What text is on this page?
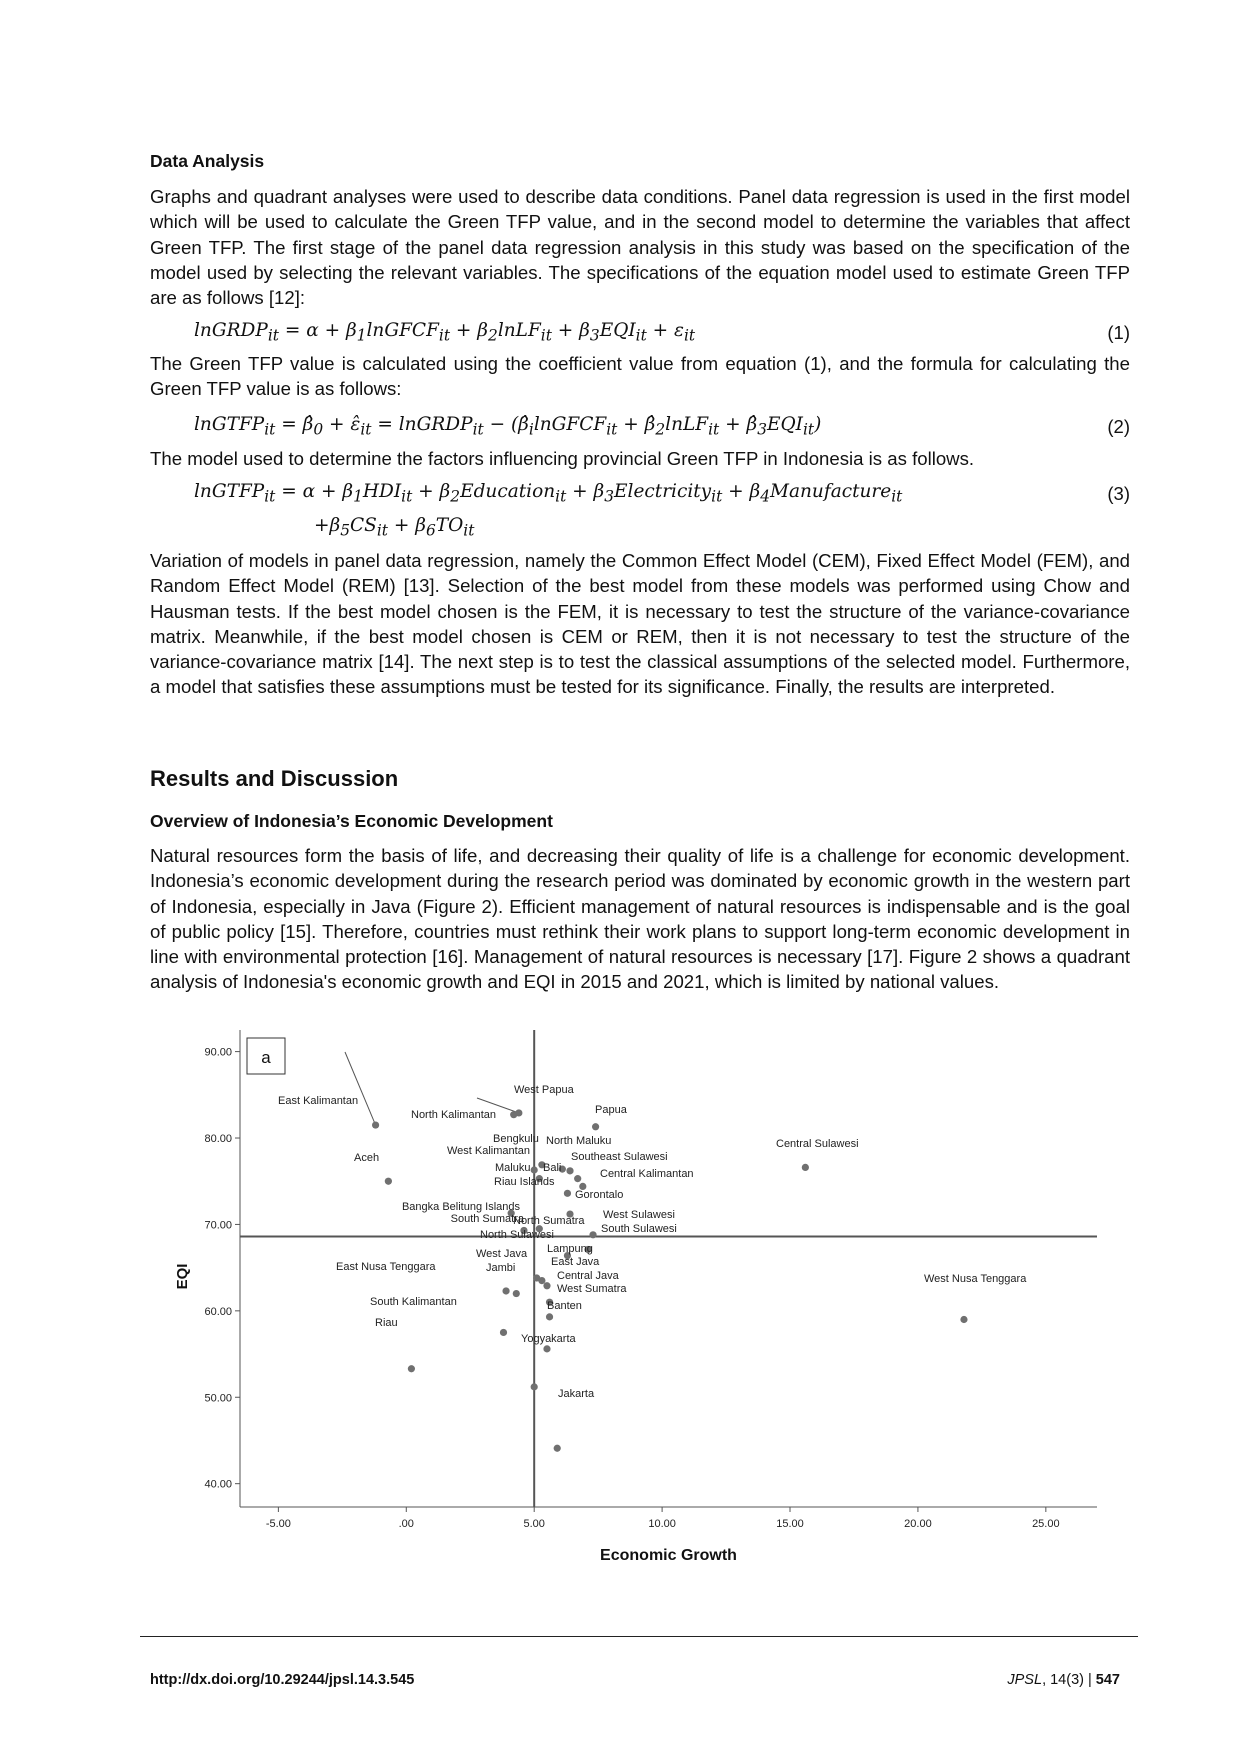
Data Analysis
Graphs and quadrant analyses were used to describe data conditions. Panel data regression is used in the first model which will be used to calculate the Green TFP value, and in the second model to determine the variables that affect Green TFP. The first stage of the panel data regression analysis in this study was based on the specification of the model used by selecting the relevant variables. The specifications of the equation model used to estimate Green TFP are as follows [12]:
lnGRDP$_{it}$ = $\alpha + \beta_1lnGFCF_{it}$ + $\beta_2lnLF_{it} + \beta_3EQI_{it} + \varepsilon_{it}$	(1)
The Green TFP value is calculated using the coefficient value from equation (1), and the formula for calculating the Green TFP value is as follows:
lnGTFP$_{it}$ = $\betâ_0$ + $\varepsilon̂_{it}$ = lnGRDP$_{it}$ − ($\betâ_ilnGFCF_{it}$ + $\betâ_2lnLF_{it}$ + $\betâ_3EQI_{it}$)	(2)
The model used to determine the factors influencing provincial Green TFP in Indonesia is as follows.
lnGTFP$_{it}$ = $\alpha + \beta_1HDI_{it}$ + $\beta_2Education_{it}$ + $\beta_3Electricity_{it}$ + $\beta_4Manufacture_{it}$	(3)
$+\beta_5CS_{it} + \beta_6TO_{it}$
Variation of models in panel data regression, namely the Common Effect Model (CEM), Fixed Effect Model (FEM), and Random Effect Model (REM) [13]. Selection of the best model from these models was performed using Chow and Hausman tests. If the best model chosen is the FEM, it is necessary to test the structure of the variance-covariance matrix. Meanwhile, if the best model chosen is CEM or REM, then it is not necessary to test the structure of the variance-covariance matrix [14]. The next step is to test the classical assumptions of the selected model. Furthermore, a model that satisfies these assumptions must be tested for its significance. Finally, the results are interpreted.
Results and Discussion
Overview of Indonesia’s Economic Development
Natural resources form the basis of life, and decreasing their quality of life is a challenge for economic development. Indonesia’s economic development during the research period was dominated by economic growth in the western part of Indonesia, especially in Java (Figure 2). Efficient management of natural resources is indispensable and is the goal of public policy [15]. Therefore, countries must rethink their work plans to support long-term economic development in line with environmental protection [16]. Management of natural resources is necessary [17]. Figure 2 shows a quadrant analysis of Indonesia's economic growth and EQI in 2015 and 2021, which is limited by national values.
-5.00	.00	5.00	10.00	15.00	20.00	25.00
40.00
50.00
60.00
70.00
80.00
90.00 a
Economic Growth
EQI
East Kalimantan
North Kalimantan
West Papua
Papua
Central Sulawesi
Aceh
Bengkulu North Maluku
West Kalimantan	Southeast Sulawesi
Maluku Bali	Central Kalimantan
Riau Islands
Gorontalo
Bangka Belitung Islands
South Sumatra
North Sumatra West Sulawesi
South Sulawesi
North Sulawesi
Lampung
West Java
East Java
Jambi
East Nusa Tenggara
Central Java
West Sumatra
West Nusa Tenggara
South Kalimantan	Banten
Riau
Yogyakarta
Jakarta
http://dx.doi.org/10.29244/jpsl.14.3.545	JPSL, 14(3) | 547
